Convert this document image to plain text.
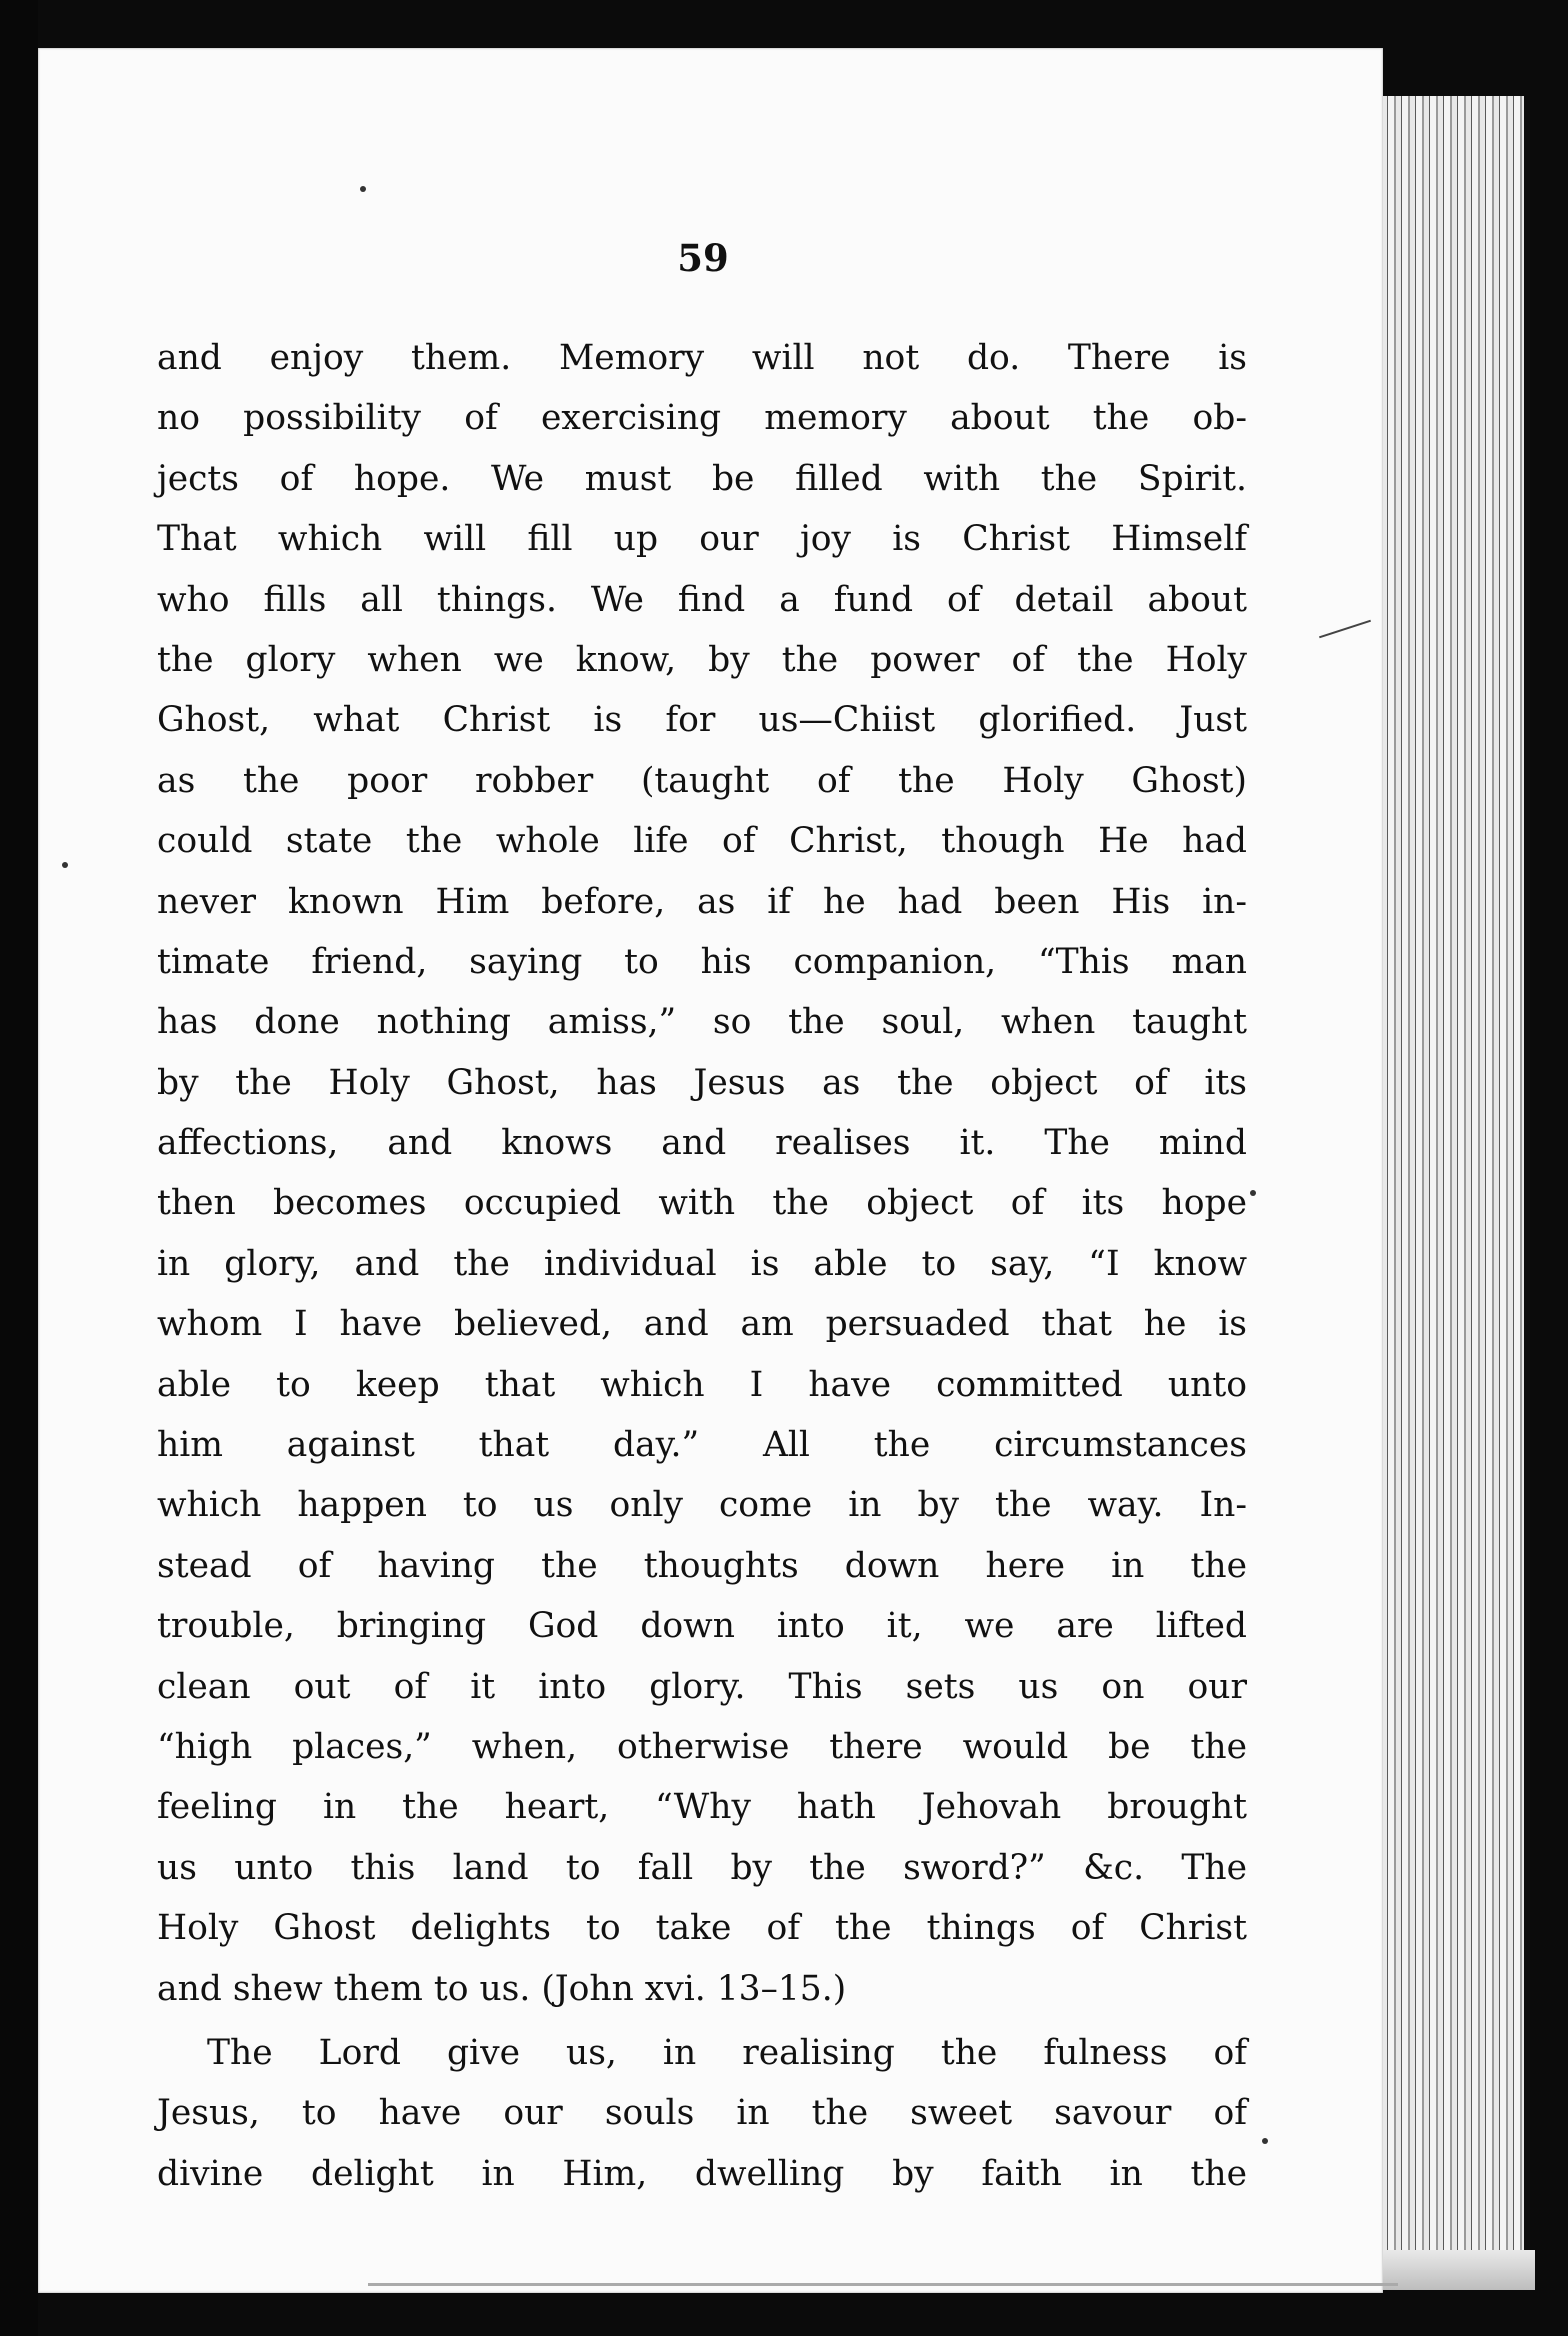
59

and enjoy them. Memory will not do. There is
no possibility of exercising memory about the ob-
jects of hope. We must be filled with the Spirit.
That which will fill up our joy is Christ Himself
who fills all things. We find a fund of detail about
the glory when we know, by the power of the Holy
Ghost, what Christ is for us—Chiist glorified. Just
as the poor robber (taught of the Holy Ghost)
could state the whole life of Christ, though He had
never known Him before, as if he had been His in-
timate friend, saying to his companion, “This man
has done nothing amiss,” so the soul, when taught
by the Holy Ghost, has Jesus as the object of its
affections, and knows and realises it. The mind
then becomes occupied with the object of its hope
in glory, and the individual is able to say, “I know
whom I have believed, and am persuaded that he is
able to keep that which I have committed unto
him against that day.” All the circumstances
which happen to us only come in by the way. In-
stead of having the thoughts down here in the
trouble, bringing God down into it, we are lifted
clean out of it into glory. This sets us on our
“high places,” when, otherwise there would be the
feeling in the heart, “Why hath Jehovah brought
us unto this land to fall by the sword?” &c. The
Holy Ghost delights to take of the things of Christ
and shew them to us. (John xvi. 13–15.)
The Lord give us, in realising the fulness of
Jesus, to have our souls in the sweet savour of
divine delight in Him, dwelling by faith in the
